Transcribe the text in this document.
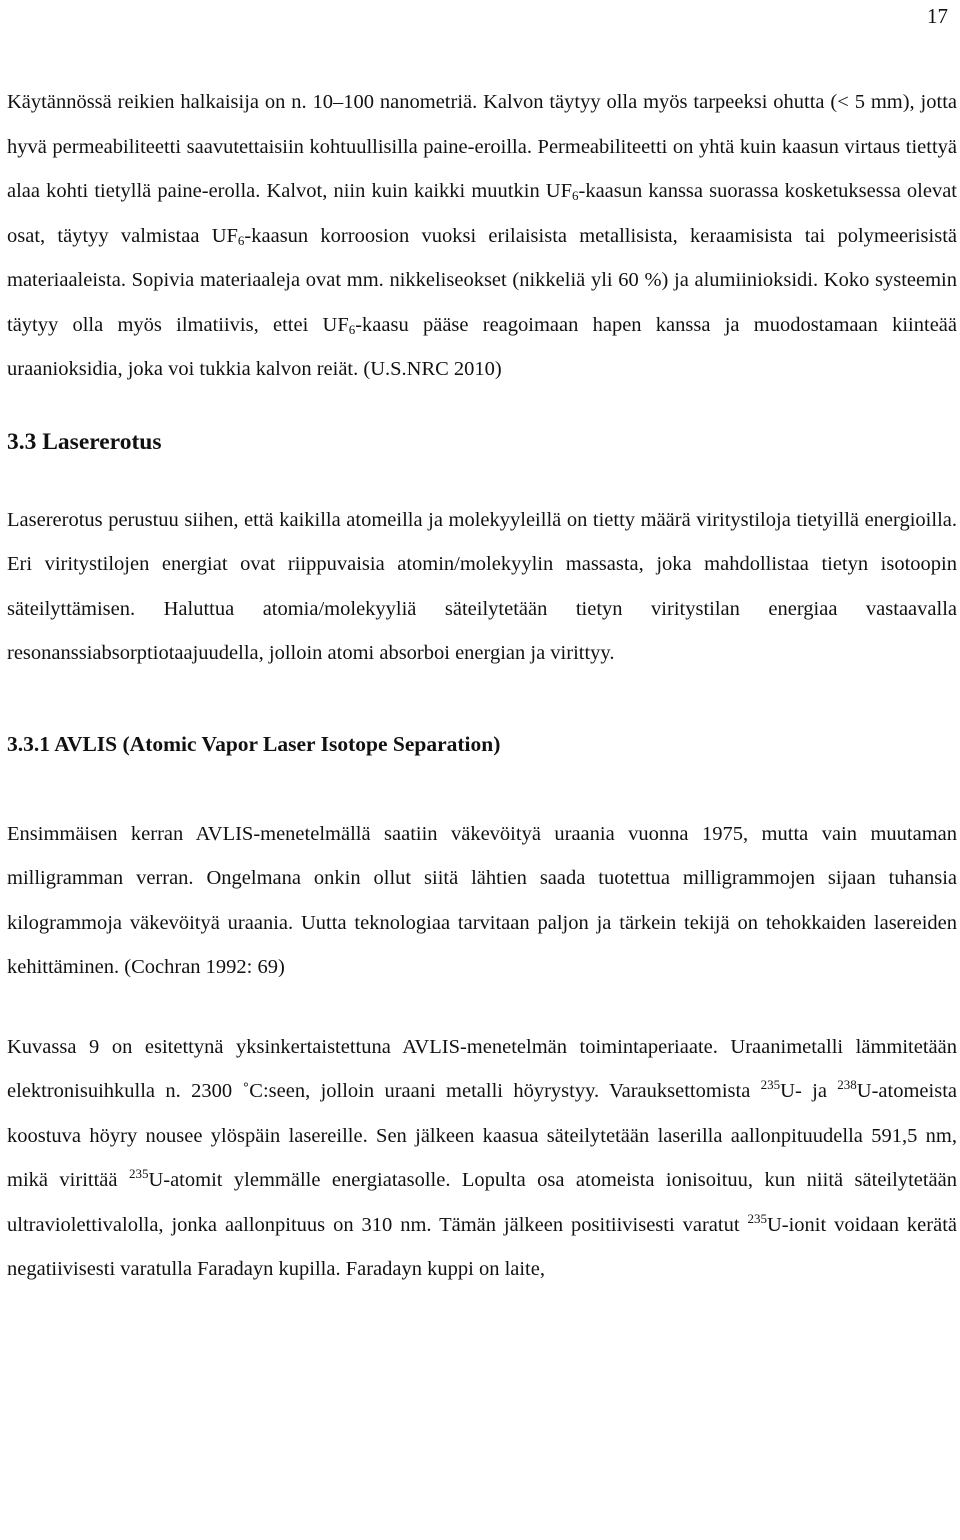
17

Käytännössä reikien halkaisija on n. 10–100 nanometriä. Kalvon täytyy olla myös tarpeeksi ohutta (< 5 mm), jotta hyvä permeabiliteetti saavutettaisiin kohtuullisilla paine-eroilla. Permeabiliteetti on yhtä kuin kaasun virtaus tiettyä alaa kohti tietyllä paine-erolla. Kalvot, niin kuin kaikki muutkin $UF_6$-kaasun kanssa suorassa kosketuksessa olevat osat, täytyy valmistaa $UF_6$-kaasun korroosion vuoksi erilaisista metallisista, keraamisista tai polymeerisistä materiaaleista. Sopivia materiaaleja ovat mm. nikkeliseokset (nikkeliä yli 60 %) ja alumiinioksidi. Koko systeemin täytyy olla myös ilmatiivis, ettei $UF_6$-kaasu pääse reagoimaan hapen kanssa ja muodostamaan kiinteää uraanioksidia, joka voi tukkia kalvon reiät. (U.S.NRC 2010)

3.3 Lasererotus

Lasererotus perustuu siihen, että kaikilla atomeilla ja molekyyleillä on tietty määrä viritystiloja tietyillä energioilla. Eri viritystilojen energiat ovat riippuvaisia atomin/molekyylin massasta, joka mahdollistaa tietyn isotoopin säteilyttämisen. Haluttua atomia/molekyyliä säteilytetään tietyn viritystilan energiaa vastaavalla resonanssiabsorptiotaajuudella, jolloin atomi absorboi energian ja virittyy.

3.3.1 AVLIS (Atomic Vapor Laser Isotope Separation)

Ensimmäisen kerran AVLIS-menetelmällä saatiin väkevöityä uraania vuonna 1975, mutta vain muutaman milligramman verran. Ongelmana onkin ollut siitä lähtien saada tuotettua milligrammojen sijaan tuhansia kilogrammoja väkevöityä uraania. Uutta teknologiaa tarvitaan paljon ja tärkein tekijä on tehokkaiden lasereiden kehittäminen. (Cochran 1992: 69)

Kuvassa 9 on esitettynä yksinkertaistettuna AVLIS-menetelmän toimintaperiaate. Uraanimetalli lämmitetään elektronisuihkulla n. 2300 ˚C:seen, jolloin uraani metalli höyrystyy. Varauksettomista $^{235}$U- ja $^{238}$U-atomeista koostuva höyry nousee ylöspäin lasereille. Sen jälkeen kaasua säteilytetään laserilla aallonpituudella 591,5 nm, mikä virittää $^{235}$U-atomit ylemmälle energiatasolle. Lopulta osa atomeista ionisoituu, kun niitä säteilytetään ultraviolettivalolla, jonka aallonpituus on 310 nm. Tämän jälkeen positiivisesti varatut $^{235}$U-ionit voidaan kerätä negatiivisesti varatulla Faradayn kupilla. Faradayn kuppi on laite,
